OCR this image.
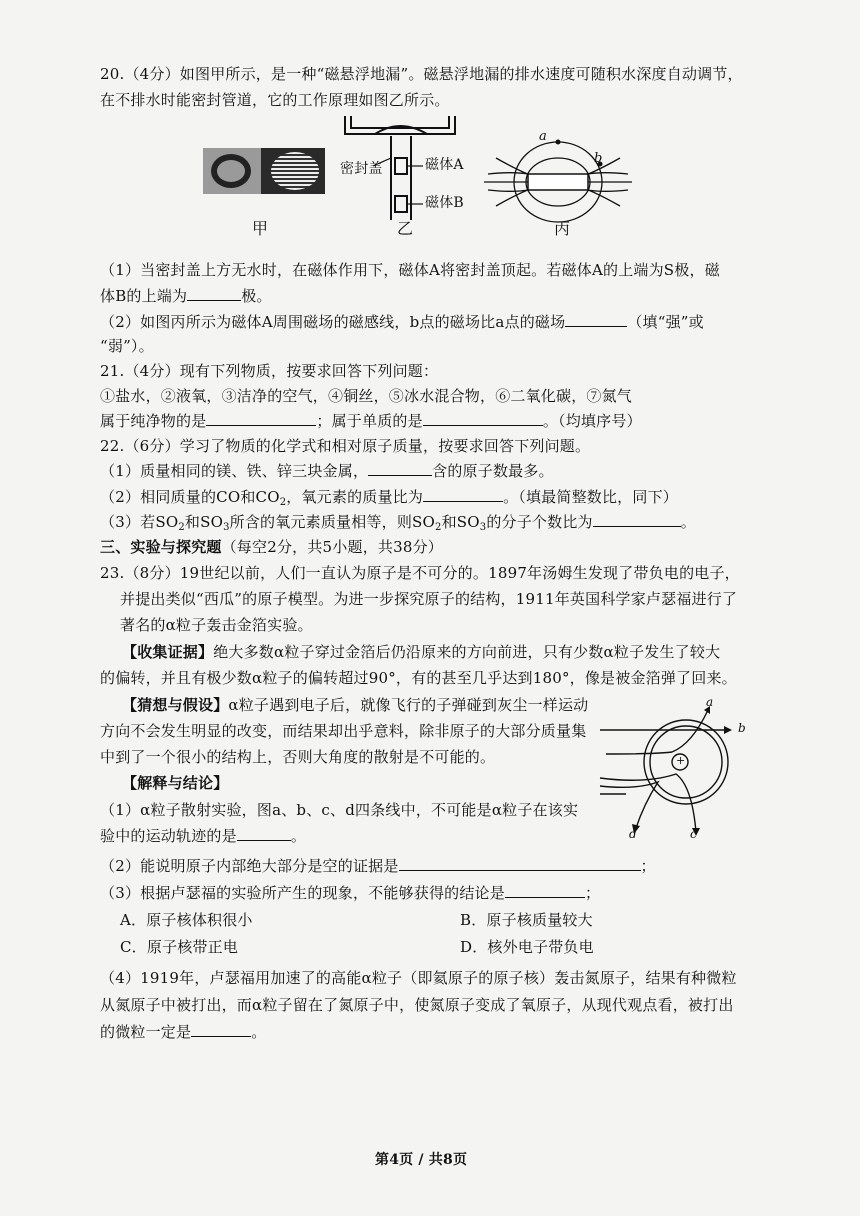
20.（4分）如图甲所示，是一种“磁悬浮地漏”。磁悬浮地漏的排水速度可随积水深度自动调节，
在不排水时能密封管道，它的工作原理如图乙所示。
甲
密封盖	磁体A
磁体B
乙
a
b
丙
（1）当密封盖上方无水时，在磁体作用下，磁体A将密封盖顶起。若磁体A的上端为S极，磁
体B的上端为	极。
（2）如图丙所示为磁体A周围磁场的磁感线，b点的磁场比a点的磁场	（填“强”或
“弱”）。
21.（4分）现有下列物质，按要求回答下列问题：
①盐水，②液氧，③洁净的空气，④铜丝，⑤冰水混合物，⑥二氧化碳，⑦氮气
属于纯净物的是	；属于单质的是	。（均填序号）
22.（6分）学习了物质的化学式和相对原子质量，按要求回答下列问题。
（1）质量相同的镁、铁、锌三块金属，	含的原子数最多。
（2）相同质量的CO和$CO_2$，氧元素的质量比为	。（填最简整数比，同下）
（3）若$SO_2$和$SO_3$所含的氧元素质量相等，则$SO_2$和$SO_3$的分子个数比为	。
三、实验与探究题（每空2分，共5小题，共38分）
23.（8分）19世纪以前，人们一直认为原子是不可分的。1897年汤姆生发现了带负电的电子，
并提出类似“西瓜”的原子模型。为进一步探究原子的结构，1911年英国科学家卢瑟福进行了
著名的α粒子轰击金箔实验。
【收集证据】绝大多数α粒子穿过金箔后仍沿原来的方向前进，只有少数α粒子发生了较大
的偏转，并且有极少数α粒子的偏转超过90°，有的甚至几乎达到180°，像是被金箔弹了回来。
【猜想与假设】α粒子遇到电子后，就像飞行的子弹碰到灰尘一样运动
方向不会发生明显的改变，而结果却出乎意料，除非原子的大部分质量集
中到了一个很小的结构上，否则大角度的散射是不可能的。
【解释与结论】
（1）α粒子散射实验，图a、b、c、d四条线中，不可能是α粒子在该实
验中的运动轨迹的是	。
a
b
c
d
+
（2）能说明原子内部绝大部分是空的证据是	；
（3）根据卢瑟福的实验所产生的现象，不能够获得的结论是	；
A．原子核体积很小	B．原子核质量较大
C．原子核带正电	D．核外电子带负电
（4）1919年，卢瑟福用加速了的高能α粒子（即氦原子的原子核）轰击氮原子，结果有种微粒
从氮原子中被打出，而α粒子留在了氮原子中，使氮原子变成了氧原子，从现代观点看，被打出
的微粒一定是	。
第4页 / 共8页
